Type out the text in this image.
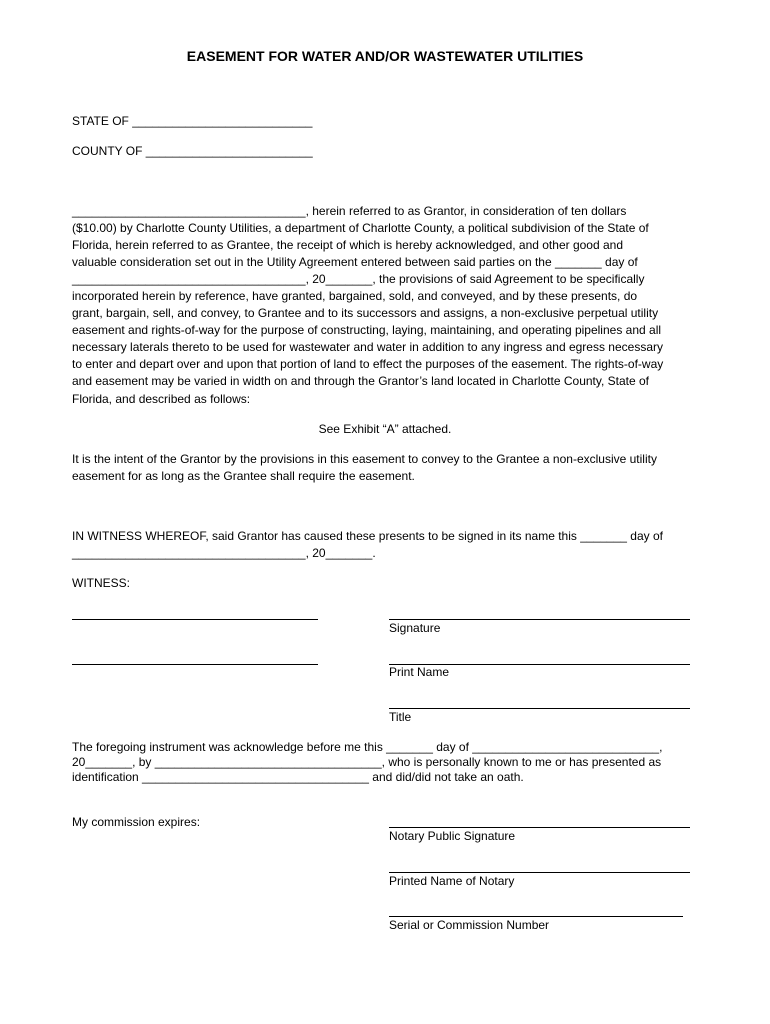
EASEMENT FOR WATER AND/OR WASTEWATER UTILITIES

STATE OF ___________________________

COUNTY OF _________________________

___________________________________, herein referred to as Grantor, in consideration of ten dollars
($10.00) by Charlotte County Utilities, a department of Charlotte County, a political subdivision of the State of
Florida, herein referred to as Grantee, the receipt of which is hereby acknowledged, and other good and
valuable consideration set out in the Utility Agreement entered between said parties on the _______ day of
___________________________________, 20_______, the provisions of said Agreement to be specifically
incorporated herein by reference, have granted, bargained, sold, and conveyed, and by these presents, do
grant, bargain, sell, and convey, to Grantee and to its successors and assigns, a non-exclusive perpetual utility
easement and rights-of-way for the purpose of constructing, laying, maintaining, and operating pipelines and all
necessary laterals thereto to be used for wastewater and water in addition to any ingress and egress necessary
to enter and depart over and upon that portion of land to effect the purposes of the easement. The rights-of-way
and easement may be varied in width on and through the Grantor’s land located in Charlotte County, State of
Florida, and described as follows:

See Exhibit “A” attached.

It is the intent of the Grantor by the provisions in this easement to convey to the Grantee a non-exclusive utility

easement for as long as the Grantee shall require the easement.

IN WITNESS WHEREOF, said Grantor has caused these presents to be signed in its name this _______ day of

___________________________________, 20_______.

WITNESS:

Signature

Print Name

Title

The foregoing instrument was acknowledge before me this _______ day of ____________________________,

20_______, by __________________________________, who is personally known to me or has presented as

identification __________________________________ and did/did not take an oath.

My commission expires:

Notary Public Signature

Printed Name of Notary

Serial or Commission Number
